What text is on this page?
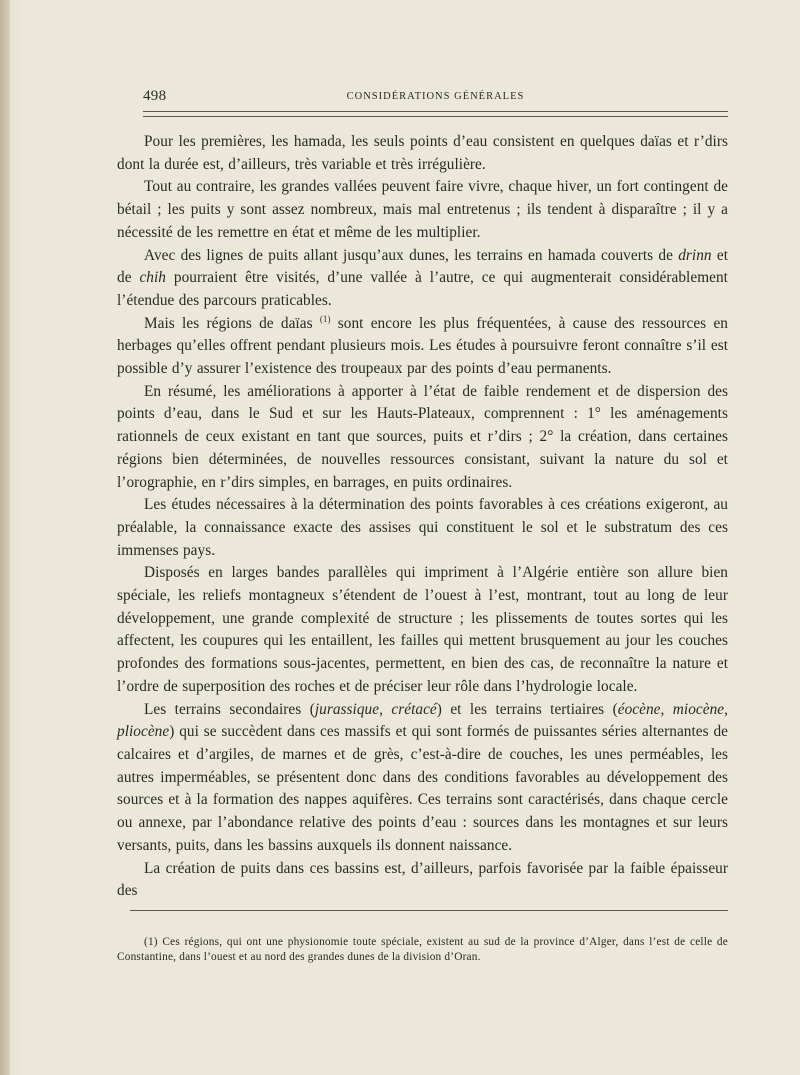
498	CONSIDÉRATIONS GÉNÉRALES

Pour les premières, les hamada, les seuls points d’eau consistent en quelques daïas et r’dirs dont la durée est, d’ailleurs, très variable et très irrégulière.

Tout au contraire, les grandes vallées peuvent faire vivre, chaque hiver, un fort contingent de bétail ; les puits y sont assez nombreux, mais mal entretenus ; ils tendent à disparaître ; il y a nécessité de les remettre en état et même de les multiplier.

Avec des lignes de puits allant jusqu’aux dunes, les terrains en hamada couverts de drinn et de chih pourraient être visités, d’une vallée à l’autre, ce qui augmenterait considérablement l’étendue des parcours praticables.

Mais les régions de daïas $^{(1)}$ sont encore les plus fréquentées, à cause des ressources en herbages qu’elles offrent pendant plusieurs mois. Les études à poursuivre feront connaître s’il est possible d’y assurer l’existence des troupeaux par des points d’eau permanents.

En résumé, les améliorations à apporter à l’état de faible rendement et de dispersion des points d’eau, dans le Sud et sur les Hauts-Plateaux, comprennent : 1° les aménagements rationnels de ceux existant en tant que sources, puits et r’dirs ; 2° la création, dans certaines régions bien déterminées, de nouvelles ressources consistant, suivant la nature du sol et l’orographie, en r’dirs simples, en barrages, en puits ordinaires.

Les études nécessaires à la détermination des points favorables à ces créations exigeront, au préalable, la connaissance exacte des assises qui constituent le sol et le substratum des ces immenses pays.

Disposés en larges bandes parallèles qui impriment à l’Algérie entière son allure bien spéciale, les reliefs montagneux s’étendent de l’ouest à l’est, montrant, tout au long de leur développement, une grande complexité de structure ; les plissements de toutes sortes qui les affectent, les coupures qui les entaillent, les failles qui mettent brusquement au jour les couches profondes des formations sous-jacentes, permettent, en bien des cas, de reconnaître la nature et l’ordre de superposition des roches et de préciser leur rôle dans l’hydrologie locale.

Les terrains secondaires (jurassique, crétacé) et les terrains tertiaires (éocène, miocène, pliocène) qui se succèdent dans ces massifs et qui sont formés de puissantes séries alternantes de calcaires et d’argiles, de marnes et de grès, c’est-à-dire de couches, les unes perméables, les autres imperméables, se présentent donc dans des conditions favorables au développement des sources et à la formation des nappes aquifères. Ces terrains sont caractérisés, dans chaque cercle ou annexe, par l’abondance relative des points d’eau : sources dans les montagnes et sur leurs versants, puits, dans les bassins auxquels ils donnent naissance.

La création de puits dans ces bassins est, d’ailleurs, parfois favorisée par la faible épaisseur des

(1) Ces régions, qui ont une physionomie toute spéciale, existent au sud de la province d’Alger, dans l’est de celle de Constantine, dans l’ouest et au nord des grandes dunes de la division d’Oran.
